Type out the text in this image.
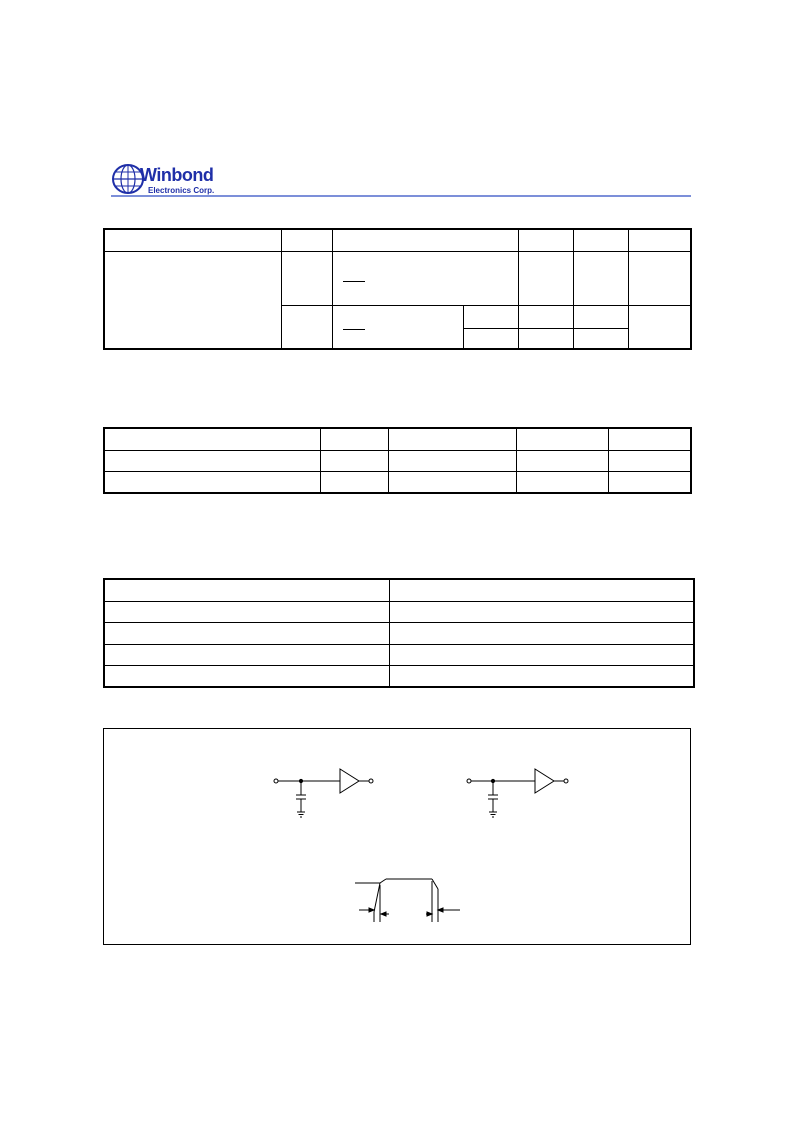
Winbond
Electronics Corp.
